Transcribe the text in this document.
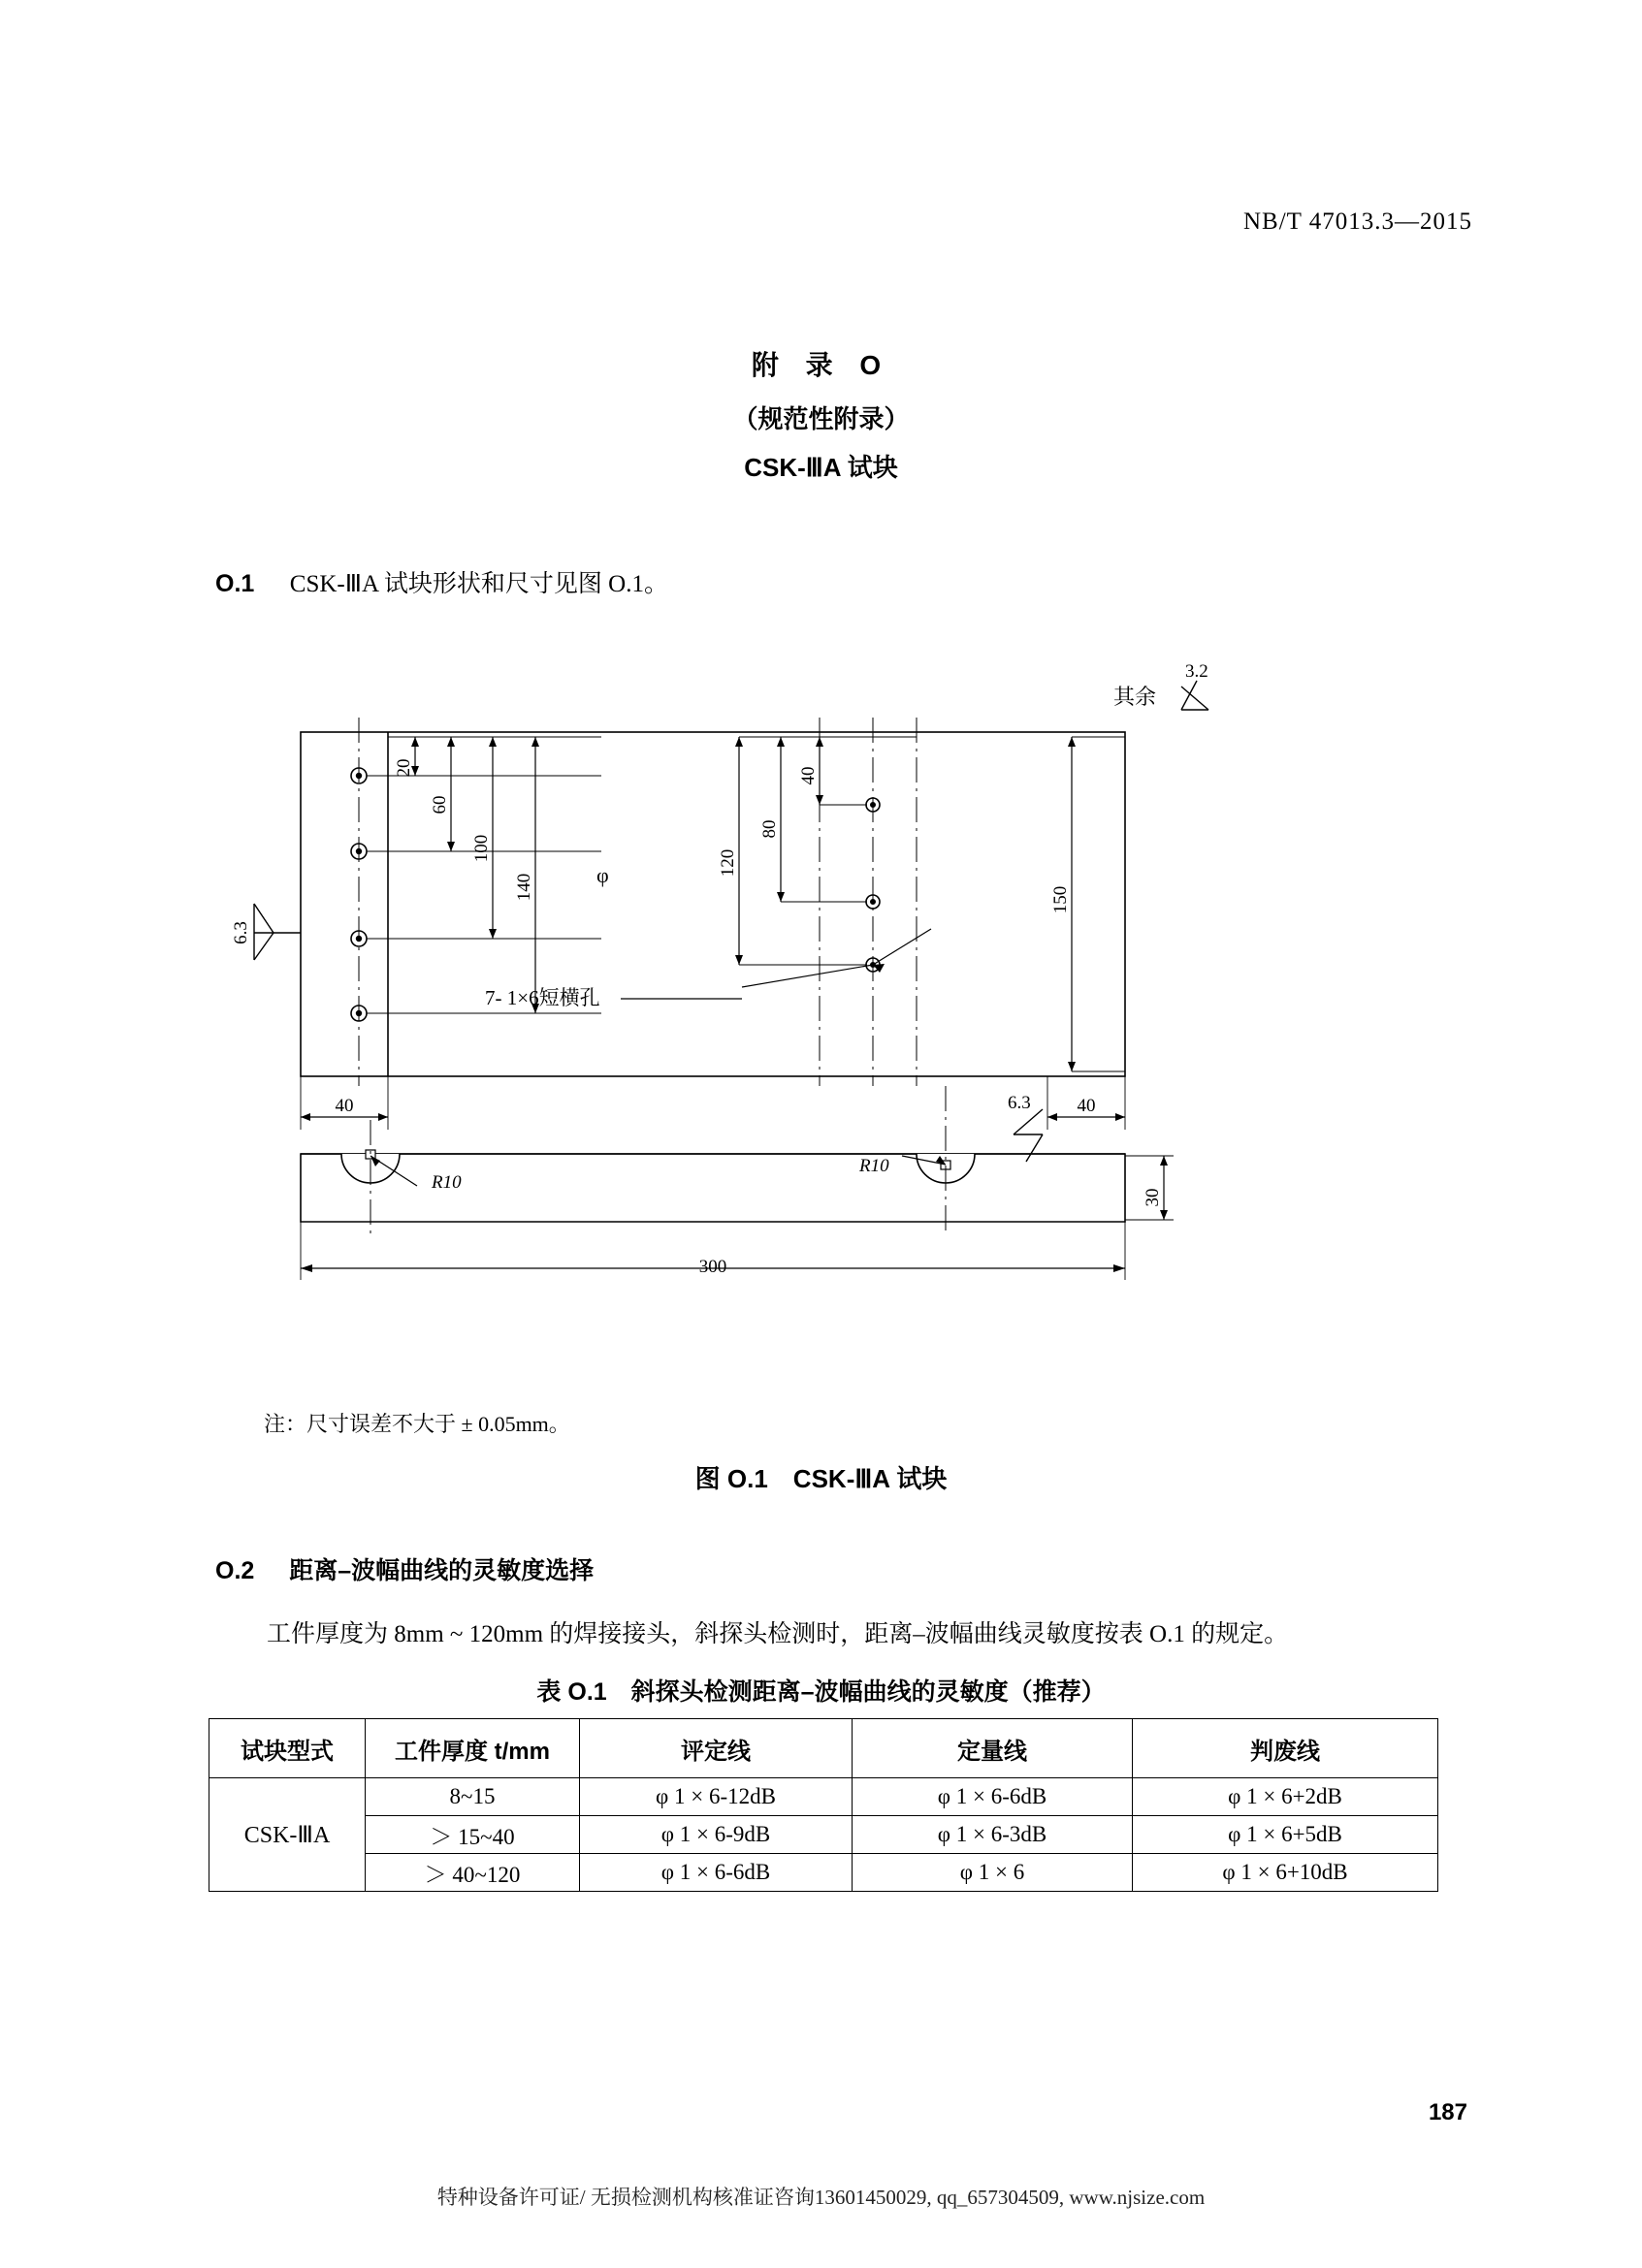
NB/T 47013.3—2015
附 录 O
（规范性附录）
CSK-ⅢA 试块
O.1 CSK-ⅢA 试块形状和尺寸见图 O.1。
20
60
100
140
40
80
120
150
40	40
300
30
R10
R10
φ
6.3
3.2
其余
6.3
7- 1×6短横孔
注：尺寸误差不大于 ± 0.05mm。
图 O.1　CSK-ⅢA 试块
O.2 距离–波幅曲线的灵敏度选择
工件厚度为 8mm ~ 120mm 的焊接接头，斜探头检测时，距离–波幅曲线灵敏度按表 O.1 的规定。
表 O.1　斜探头检测距离–波幅曲线的灵敏度（推荐）
试块型式	工件厚度 t/mm	评定线	定量线	判废线
CSK-ⅢA	8~15	φ 1 × 6-12dB	φ 1 × 6-6dB	φ 1 × 6+2dB
	＞ 15~40	φ 1 × 6-9dB	φ 1 × 6-3dB	φ 1 × 6+5dB
	＞ 40~120	φ 1 × 6-6dB	φ 1 × 6	φ 1 × 6+10dB
187
特种设备许可证/ 无损检测机构核准证咨询13601450029, qq_657304509, www.njsize.com
